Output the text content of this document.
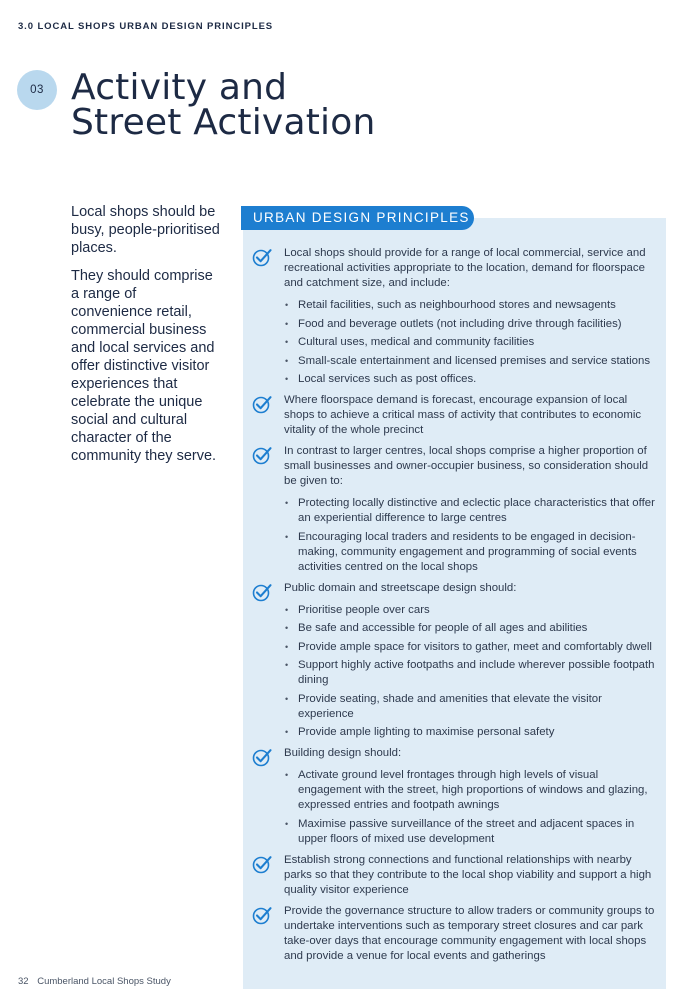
3.0 LOCAL SHOPS URBAN DESIGN PRINCIPLES
03 Activity and
Street Activation

Local shops should be busy, people-prioritised places.

They should comprise a range of convenience retail, commercial business and local services and offer distinctive visitor experiences that celebrate the unique social and cultural character of the community they serve.

URBAN DESIGN PRINCIPLES
Local shops should provide for a range of local commercial, service and recreational activities appropriate to the location, demand for floorspace and catchment size, and include:
• Retail facilities, such as neighbourhood stores and newsagents
• Food and beverage outlets (not including drive through facilities)
• Cultural uses, medical and community facilities
• Small-scale entertainment and licensed premises and service stations
• Local services such as post offices.
Where floorspace demand is forecast, encourage expansion of local shops to achieve a critical mass of activity that contributes to economic vitality of the whole precinct
In contrast to larger centres, local shops comprise a higher proportion of small businesses and owner-occupier business, so consideration should be given to:
• Protecting locally distinctive and eclectic place characteristics that offer an experiential difference to large centres
• Encouraging local traders and residents to be engaged in decision-making, community engagement and programming of social events activities centred on the local shops
Public domain and streetscape design should:
• Prioritise people over cars
• Be safe and accessible for people of all ages and abilities
• Provide ample space for visitors to gather, meet and comfortably dwell
• Support highly active footpaths and include wherever possible footpath dining
• Provide seating, shade and amenities that elevate the visitor experience
• Provide ample lighting to maximise personal safety
Building design should:
• Activate ground level frontages through high levels of visual engagement with the street, high proportions of windows and glazing, expressed entries and footpath awnings
• Maximise passive surveillance of the street and adjacent spaces in upper floors of mixed use development
Establish strong connections and functional relationships with nearby parks so that they contribute to the local shop viability and support a high quality visitor experience
Provide the governance structure to allow traders or community groups to undertake interventions such as temporary street closures and car park take-over days that encourage community engagement with local shops and provide a venue for local events and gatherings
32 Cumberland Local Shops Study
